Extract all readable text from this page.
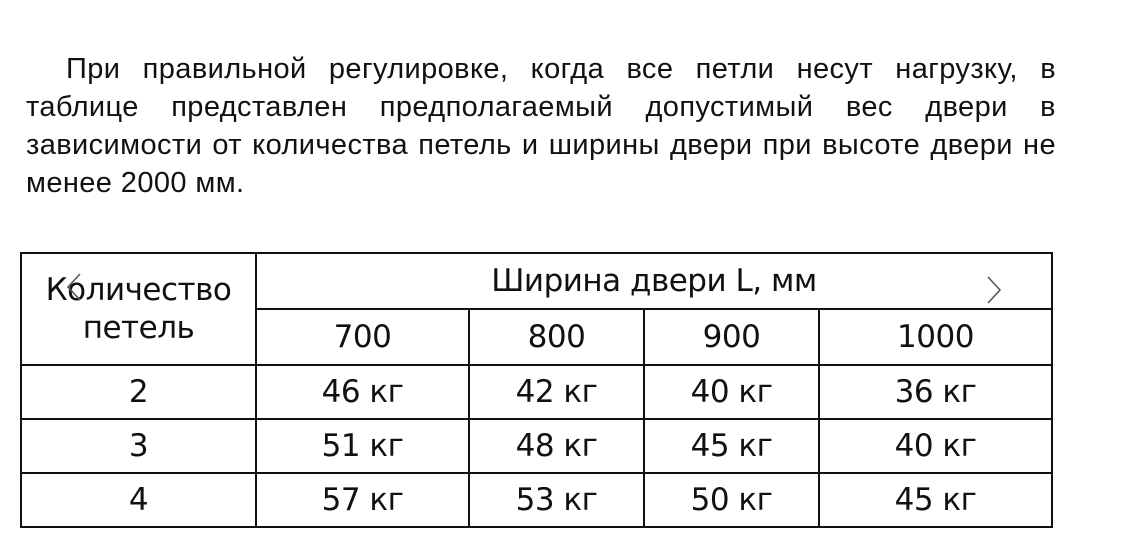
При правильной регулировке, когда все петли несут нагрузку, в таблице представлен предполагаемый допустимый вес двери в зависимости от количества петель и ширины двери при высоте двери не менее 2000 мм.

Количество
петель	Ширина двери L, мм			
	700	800	900	1000
2	46 кг	42 кг	40 кг	36 кг
3	51 кг	48 кг	45 кг	40 кг
4	57 кг	53 кг	50 кг	45 кг
